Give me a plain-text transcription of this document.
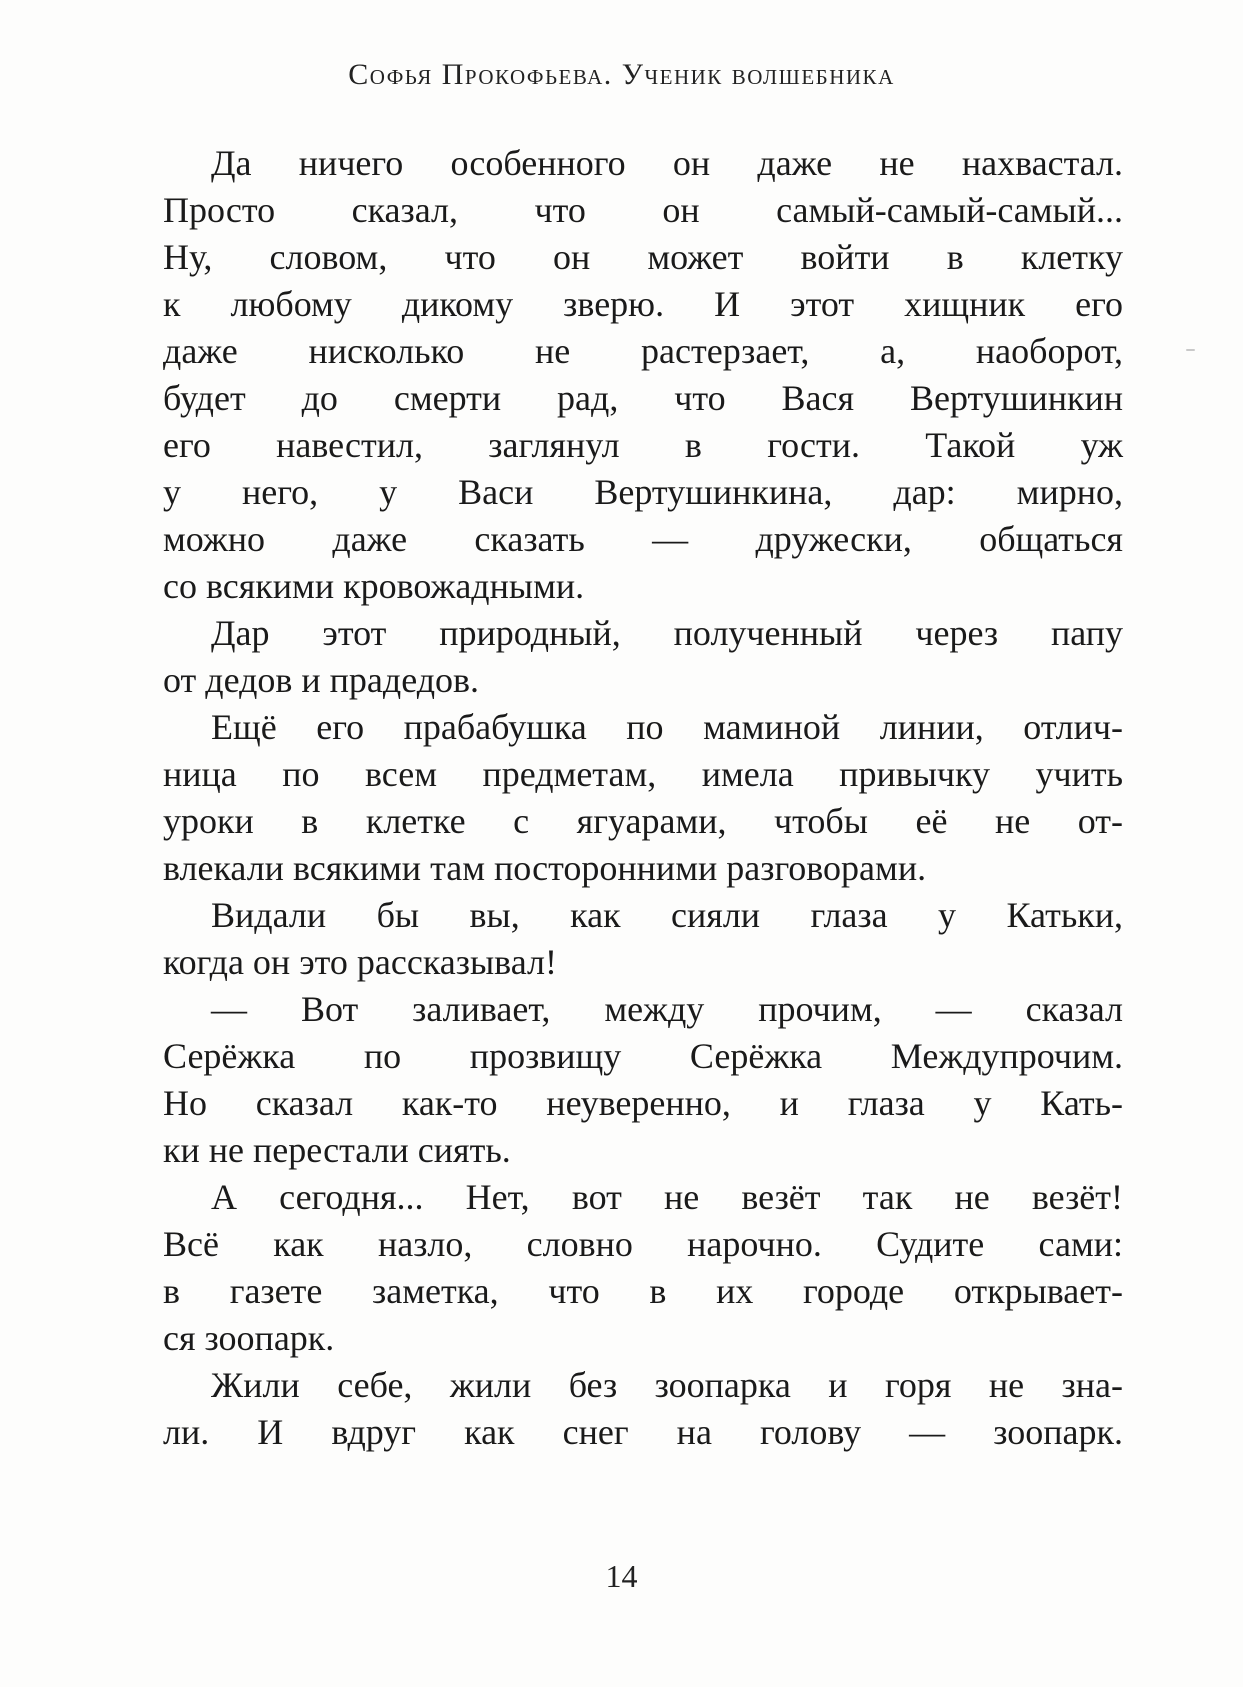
Софья Прокофьева. Ученик волшебника
Да ничего особенного он даже не нахвастал.
Просто сказал, что он самый-самый-самый...
Ну, словом, что он может войти в клетку
к любому дикому зверю. И этот хищник его
даже нисколько не растерзает, а, наоборот,
будет до смерти рад, что Вася Вертушинкин
его навестил, заглянул в гости. Такой уж
у него, у Васи Вертушинкина, дар: мирно,
можно даже сказать — дружески, общаться
со всякими кровожадными.
Дар этот природный, полученный через папу
от дедов и прадедов.
Ещё его прабабушка по маминой линии, отлич-
ница по всем предметам, имела привычку учить
уроки в клетке с ягуарами, чтобы её не от-
влекали всякими там посторонними разговорами.
Видали бы вы, как сияли глаза у Катьки,
когда он это рассказывал!
— Вот заливает, между прочим, — сказал
Серёжка по прозвищу Серёжка Междупрочим.
Но сказал как-то неуверенно, и глаза у Кать-
ки не перестали сиять.
А сегодня... Нет, вот не везёт так не везёт!
Всё как назло, словно нарочно. Судите сами:
в газете заметка, что в их городе открывает-
ся зоопарк.
Жили себе, жили без зоопарка и горя не зна-
ли. И вдруг как снег на голову — зоопарк.
14
